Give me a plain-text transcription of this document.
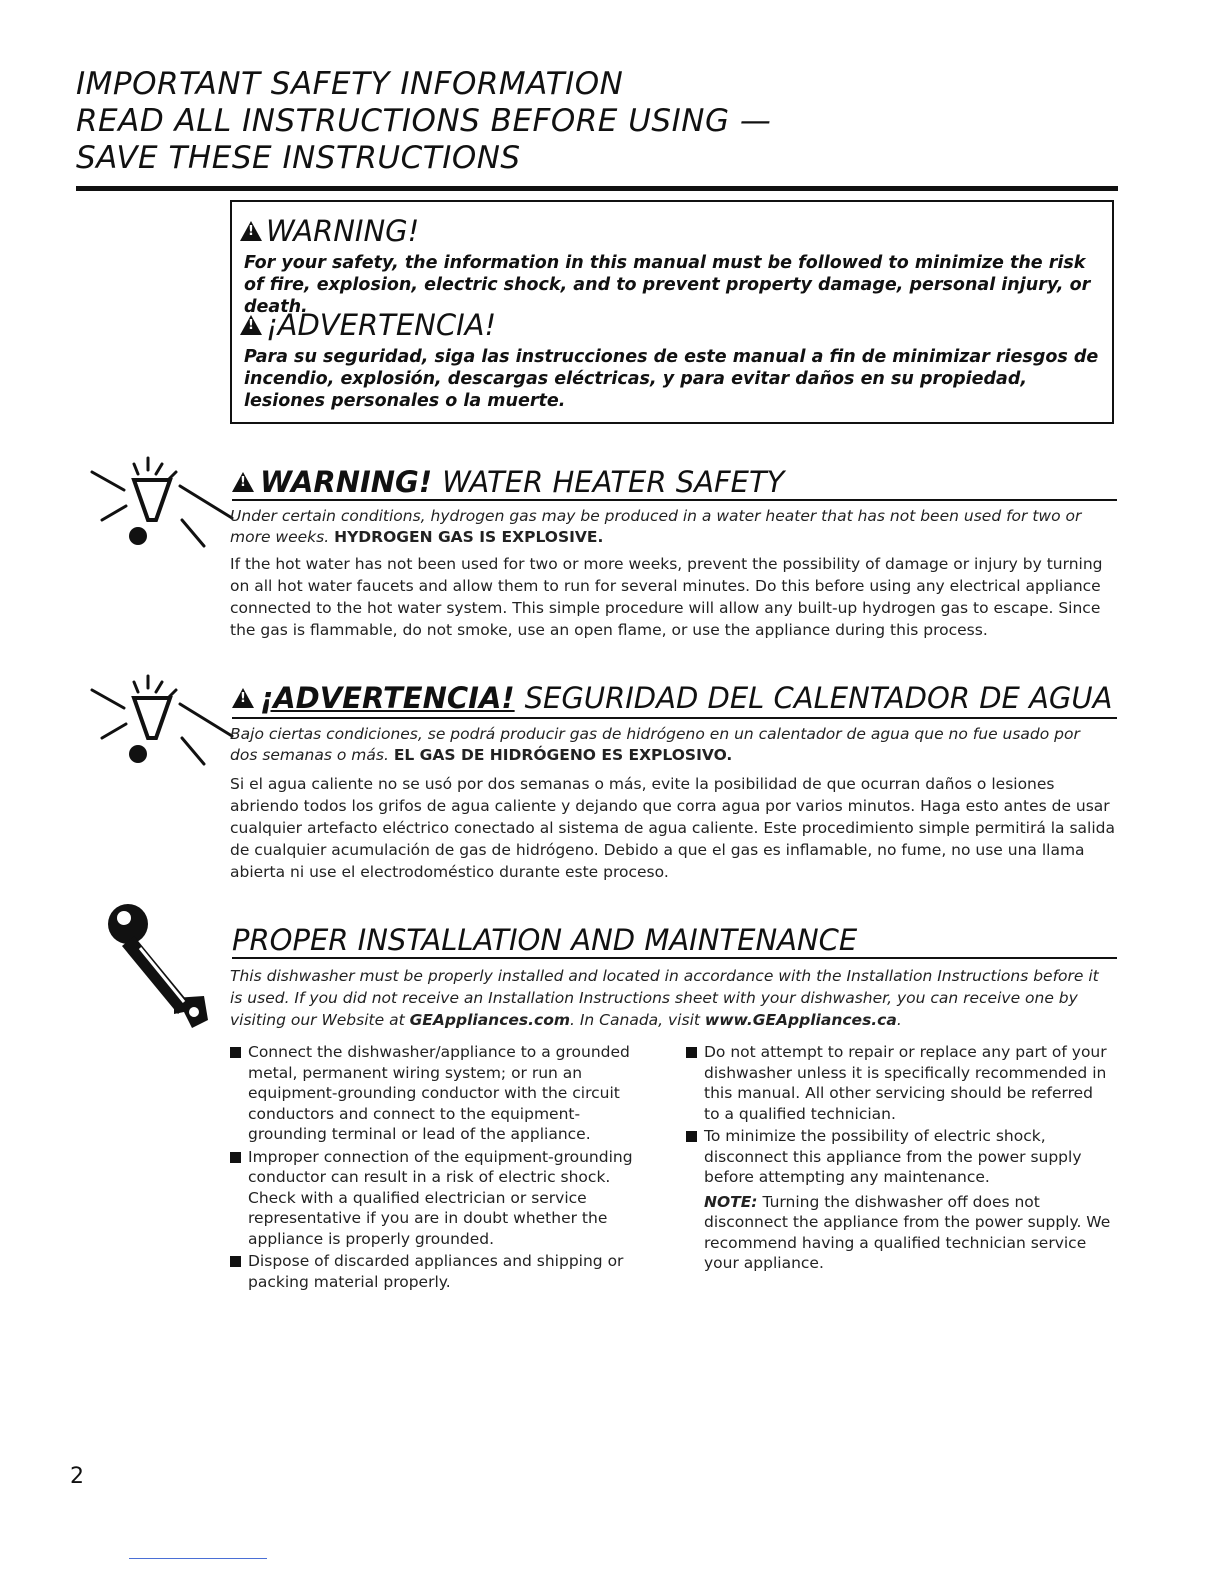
IMPORTANT SAFETY INFORMATION
READ ALL INSTRUCTIONS BEFORE USING —
SAVE THESE INSTRUCTIONS
!
WARNING!
For your safety, the information in this manual must be followed to minimize the risk of fire, explosion, electric shock, and to prevent property damage, personal injury, or death.
!
¡ADVERTENCIA!
Para su seguridad, siga las instrucciones de este manual a fin de minimizar riesgos de incendio, explosión, descargas eléctricas, y para evitar daños en su propiedad, lesiones personales o la muerte.
!
WARNING! WATER HEATER SAFETY
Under certain conditions, hydrogen gas may be produced in a water heater that has not been used for two or more weeks. HYDROGEN GAS IS EXPLOSIVE.
If the hot water has not been used for two or more weeks, prevent the possibility of damage or injury by turning on all hot water faucets and allow them to run for several minutes. Do this before using any electrical appliance connected to the hot water system. This simple procedure will allow any built-up hydrogen gas to escape. Since the gas is flammable, do not smoke, use an open flame, or use the appliance during this process.
!
¡ADVERTENCIA! SEGURIDAD DEL CALENTADOR DE AGUA
Bajo ciertas condiciones, se podrá producir gas de hidrógeno en un calentador de agua que no fue usado por dos semanas o más. EL GAS DE HIDRÓGENO ES EXPLOSIVO.
Si el agua caliente no se usó por dos semanas o más, evite la posibilidad de que ocurran daños o lesiones abriendo todos los grifos de agua caliente y dejando que corra agua por varios minutos. Haga esto antes de usar cualquier artefacto eléctrico conectado al sistema de agua caliente. Este procedimiento simple permitirá la salida de cualquier acumulación de gas de hidrógeno. Debido a que el gas es inflamable, no fume, no use una llama abierta ni use el electrodoméstico durante este proceso.
PROPER INSTALLATION AND MAINTENANCE
This dishwasher must be properly installed and located in accordance with the Installation Instructions before it is used. If you did not receive an Installation Instructions sheet with your dishwasher, you can receive one by visiting our Website at GEAppliances.com. In Canada, visit www.GEAppliances.ca.
Connect the dishwasher/appliance to a grounded metal, permanent wiring system; or run an equipment-grounding conductor with the circuit conductors and connect to the equipment-grounding terminal or lead of the appliance.
Improper connection of the equipment-grounding conductor can result in a risk of electric shock. Check with a qualified electrician or service representative if you are in doubt whether the appliance is properly grounded.
Dispose of discarded appliances and shipping or packing material properly.
Do not attempt to repair or replace any part of your dishwasher unless it is specifically recommended in this manual. All other servicing should be referred to a qualified technician.
To minimize the possibility of electric shock, disconnect this appliance from the power supply before attempting any maintenance.
NOTE: Turning the dishwasher off does not disconnect the appliance from the power supply. We recommend having a qualified technician service your appliance.
2
